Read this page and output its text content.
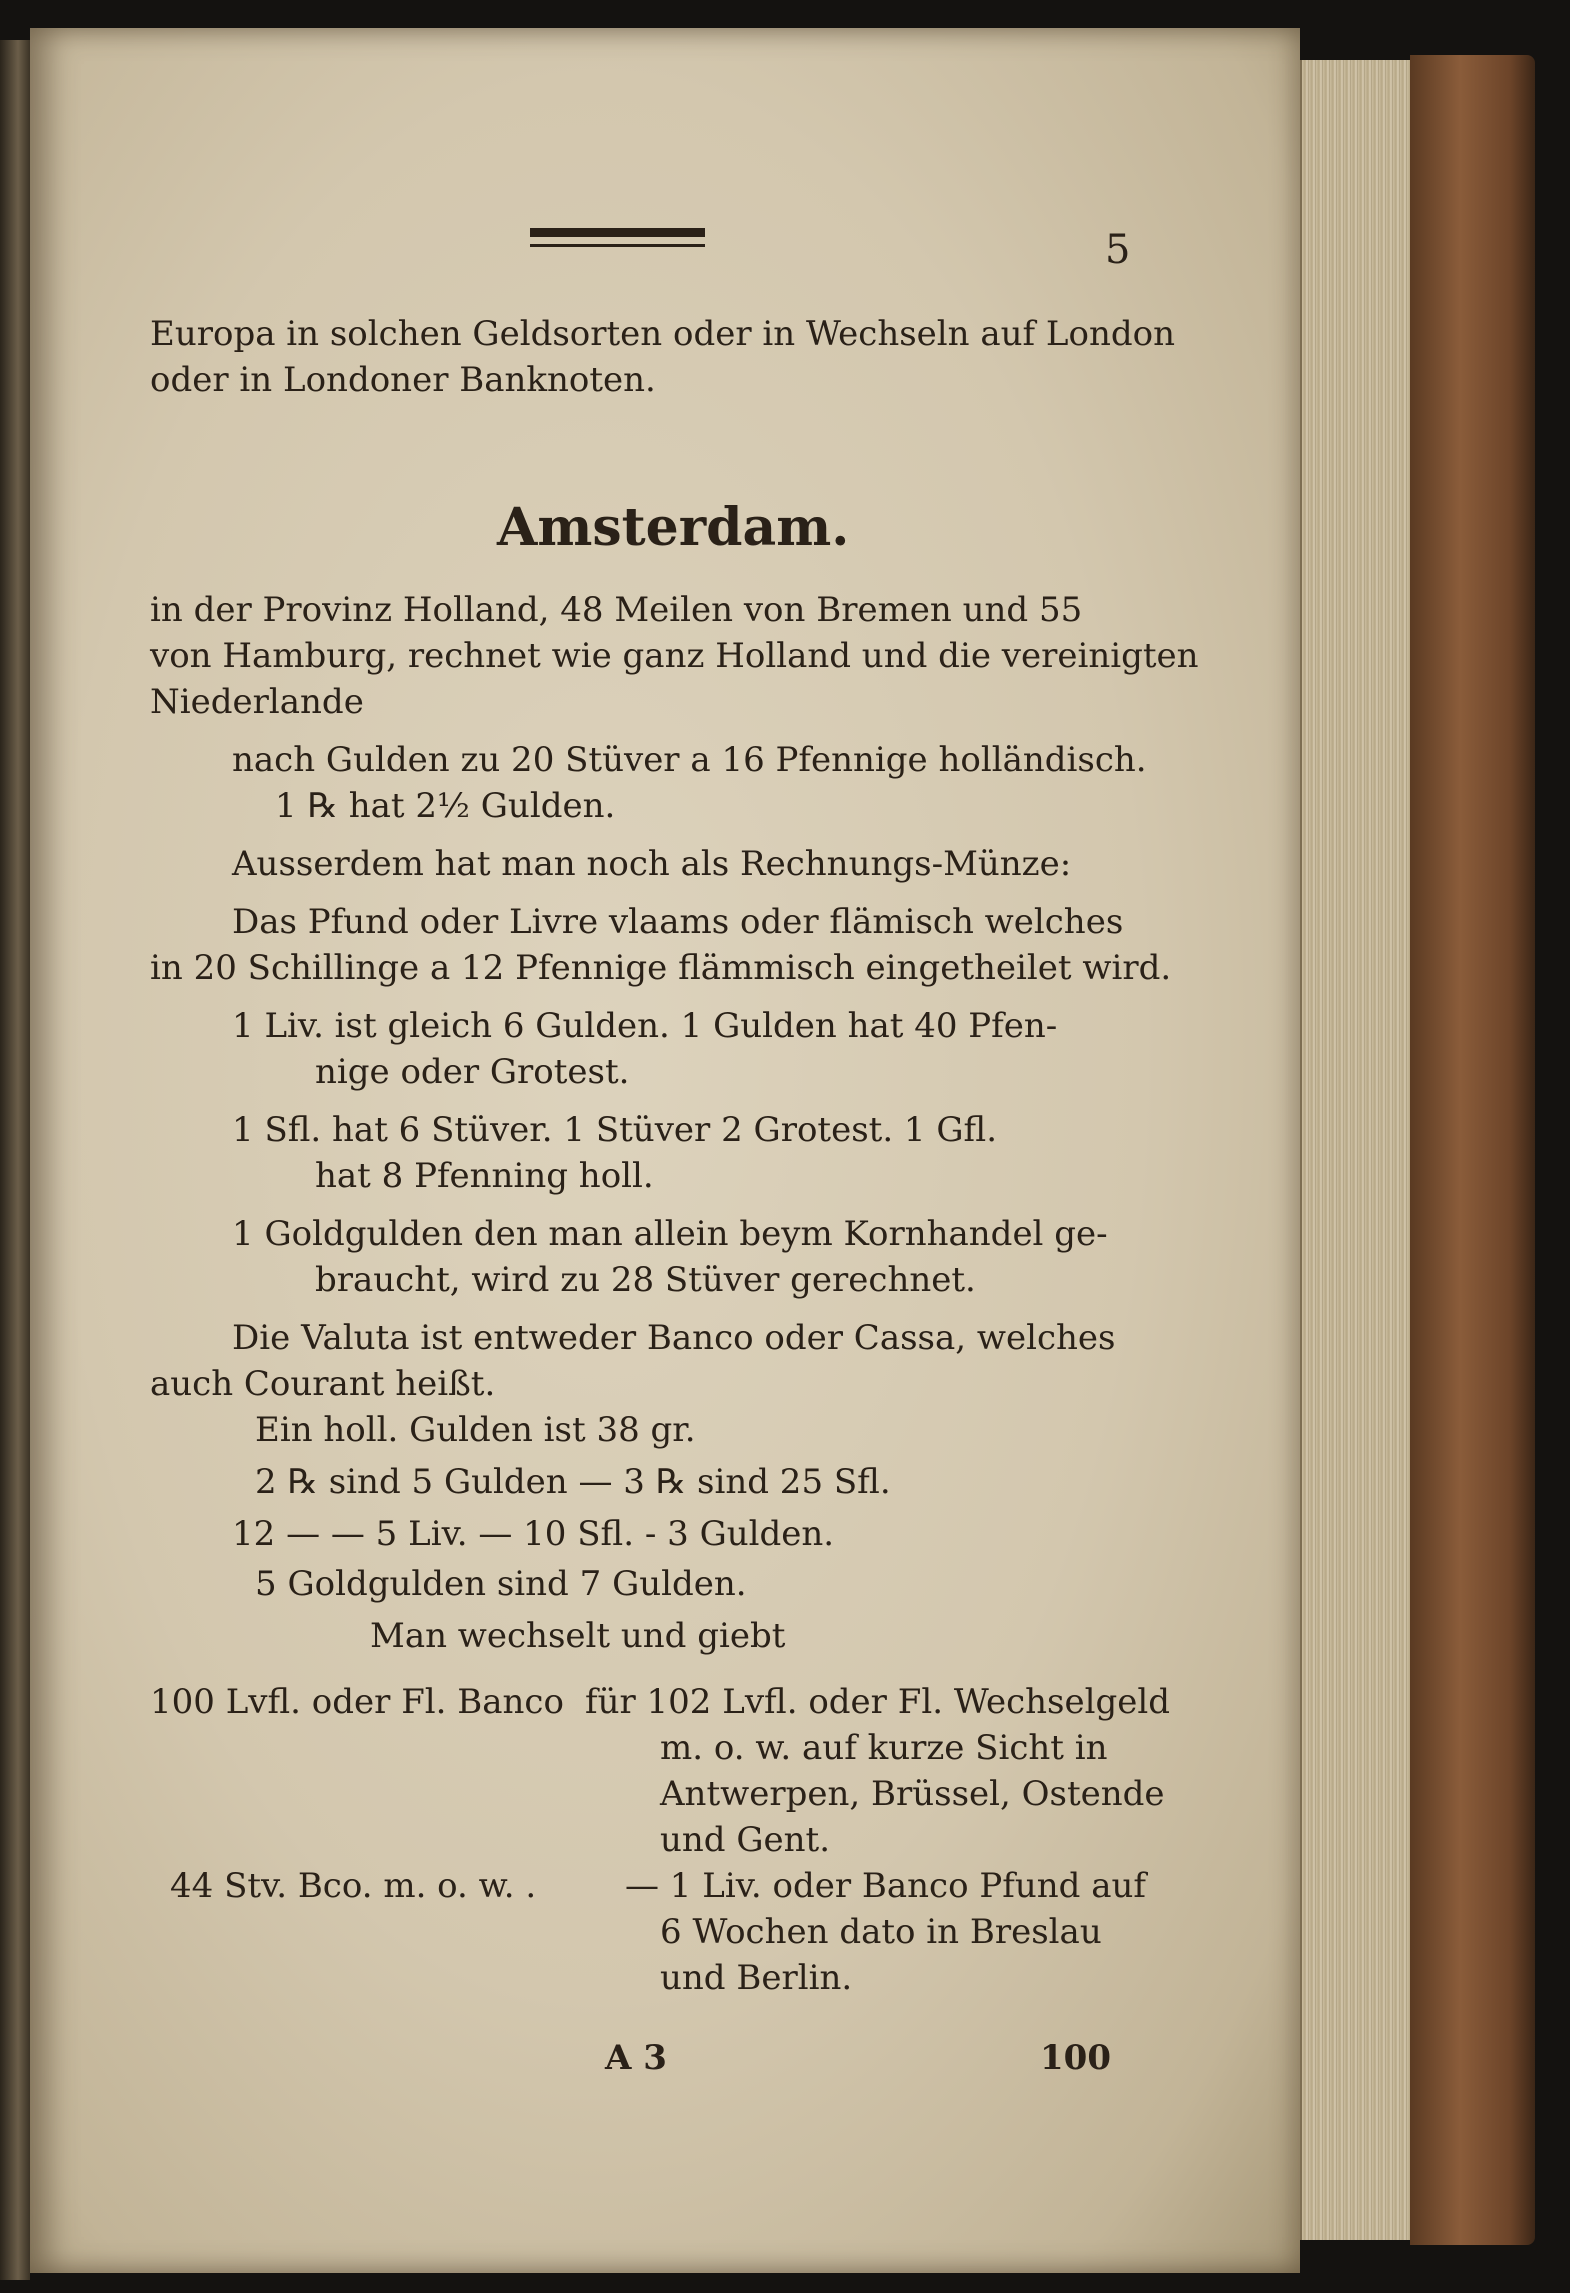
5
Europa in solchen Geldsorten oder in Wechseln auf London
oder in Londoner Banknoten.
Amsterdam.
in der Provinz Holland, 48 Meilen von Bremen und 55
von Hamburg, rechnet wie ganz Holland und die vereinigten
Niederlande
nach Gulden zu 20 Stüver a 16 Pfennige holländisch.
1 ℞ hat 2½ Gulden.
Ausserdem hat man noch als Rechnungs-Münze:
Das Pfund oder Livre vlaams oder flämisch welches
in 20 Schillinge a 12 Pfennige flämmisch eingetheilet wird.
1 Liv. ist gleich 6 Gulden. 1 Gulden hat 40 Pfen-
nige oder Grotest.
1 Sfl. hat 6 Stüver. 1 Stüver 2 Grotest. 1 Gfl.
hat 8 Pfenning holl.
1 Goldgulden den man allein beym Kornhandel ge-
braucht, wird zu 28 Stüver gerechnet.
Die Valuta ist entweder Banco oder Cassa, welches
auch Courant heißt.
Ein holl. Gulden ist 38 gr.
2 ℞ sind 5 Gulden — 3 ℞ sind 25 Sfl.
12 — — 5 Liv. — 10 Sfl. - 3 Gulden.
5 Goldgulden sind 7 Gulden.
Man wechselt und giebt
100 Lvfl. oder Fl. Banco für 102 Lvfl. oder Fl. Wechselgeld
m. o. w. auf kurze Sicht in
Antwerpen, Brüssel, Ostende
und Gent.
44 Stv. Bco. m. o. w. .	— 1 Liv. oder Banco Pfund auf
6 Wochen dato in Breslau
und Berlin.
A 3	100
